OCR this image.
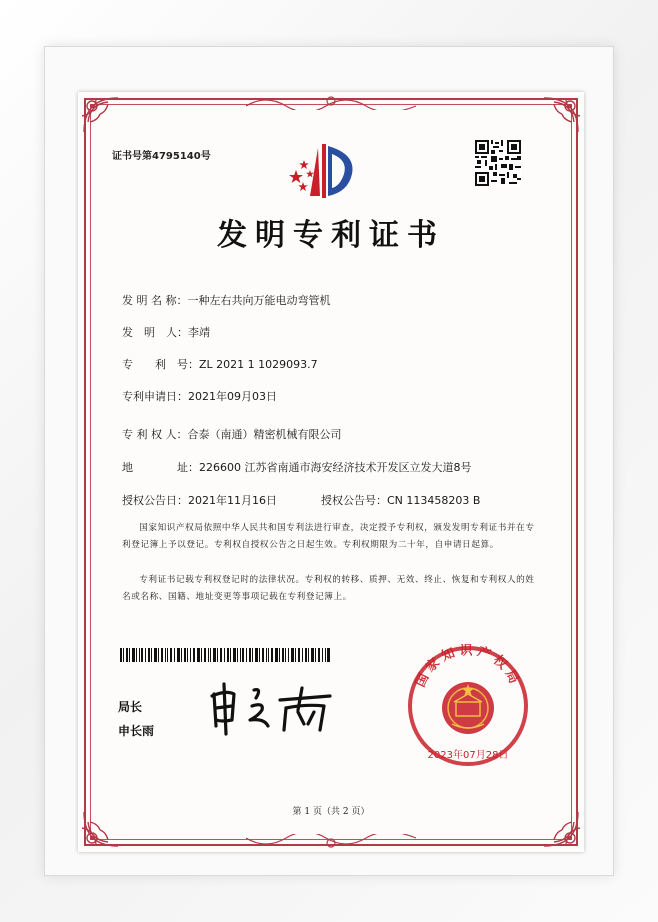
证书号第4795140号
发明专利证书
发 明 名 称：一种左右共向万能电动弯管机
发　明　人：李靖
专　　利　号：ZL 2021 1 1029093.7
专利申请日：2021年09月03日
专 利 权 人：合泰（南通）精密机械有限公司
地　　　　址：226600 江苏省南通市海安经济技术开发区立发大道8号
授权公告日：2021年11月16日	授权公告号：CN 113458203 B
国家知识产权局依照中华人民共和国专利法进行审查，决定授予专利权，颁发发明专利证书并在专利登记簿上予以登记。专利权自授权公告之日起生效。专利权期限为二十年，自申请日起算。
专利证书记载专利权登记时的法律状况。专利权的转移、质押、无效、终止、恢复和专利权人的姓名或名称、国籍、地址变更等事项记载在专利登记簿上。
局长
申长雨
国家知识产权局
2023年07月28日
第 1 页（共 2 页）
